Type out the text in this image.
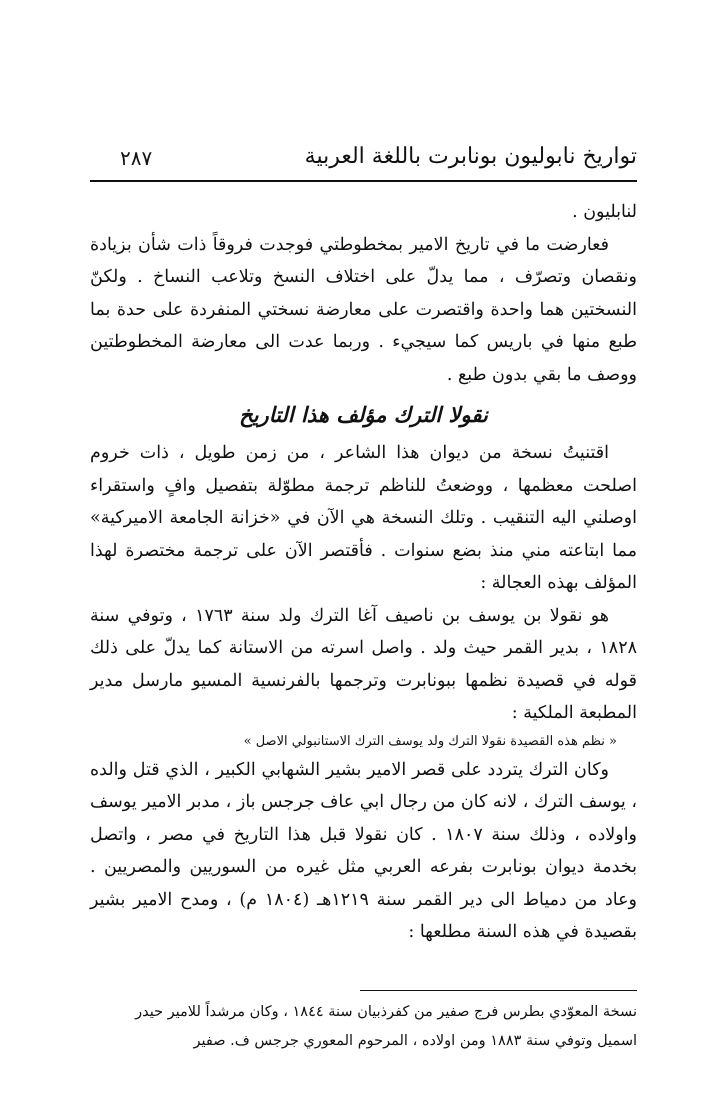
٢٨٧	تواريخ نابوليون بونابرت باللغة العربية

لنابليون .

فعارضت ما في تاريخ الامير بمخطوطتي فوجدت فروقاً ذات شأن بزيادة ونقصان وتصرّف ، مما يدلّ على اختلاف النسخ وتلاعب النساخ . ولكنّ النسختين هما واحدة واقتصرت على معارضة نسختي المنفردة على حدة بما طبع منها في باريس كما سيجيء . وربما عدت الى معارضة المخطوطتين ووصف ما بقي بدون طبع .

نقولا الترك مؤلف هذا التاريخ

اقتنيتُ نسخة من ديوان هذا الشاعر ، من زمن طويل ، ذات خروم اصلحت معظمها ، ووضعتُ للناظم ترجمة مطوّلة بتفصيل وافٍ واستقراء اوصلني اليه التنقيب . وتلك النسخة هي الآن في «خزانة الجامعة الاميركية» مما ابتاعته مني منذ بضع سنوات . فأقتصر الآن على ترجمة مختصرة لهذا المؤلف بهذه العجالة :

هو نقولا بن يوسف بن ناصيف آغا الترك ولد سنة ١٧٦٣ ، وتوفي سنة ١٨٢٨ ، بدير القمر حيث ولد . واصل اسرته من الاستانة كما يدلّ على ذلك قوله في قصيدة نظمها ببونابرت وترجمها بالفرنسية المسيو مارسل مدير المطبعة الملكية :

« نظم هذه القصيدة نقولا الترك ولد يوسف الترك الاستانبولي الاصل »

وكان الترك يتردد على قصر الامير بشير الشهابي الكبير ، الذي قتل والده ، يوسف الترك ، لانه كان من رجال ابي عاف جرجس باز ، مدبر الامير يوسف واولاده ، وذلك سنة ١٨٠٧ . كان نقولا قبل هذا التاريخ في مصر ، واتصل بخدمة ديوان بونابرت بفرعه العربي مثل غيره من السوريين والمصريين . وعاد من دمياط الى دير القمر سنة ١٢١٩هـ (١٨٠٤ م) ، ومدح الامير بشير بقصيدة في هذه السنة مطلعها :

نسخة المعوّدي بطرس فرج صفير من كفرذبيان سنة ١٨٤٤ ، وكان مرشداً للامير حيدر

اسميل وتوفي سنة ١٨٨٣ ومن اولاده ، المرحوم المعوري جرجس ف. صفير
